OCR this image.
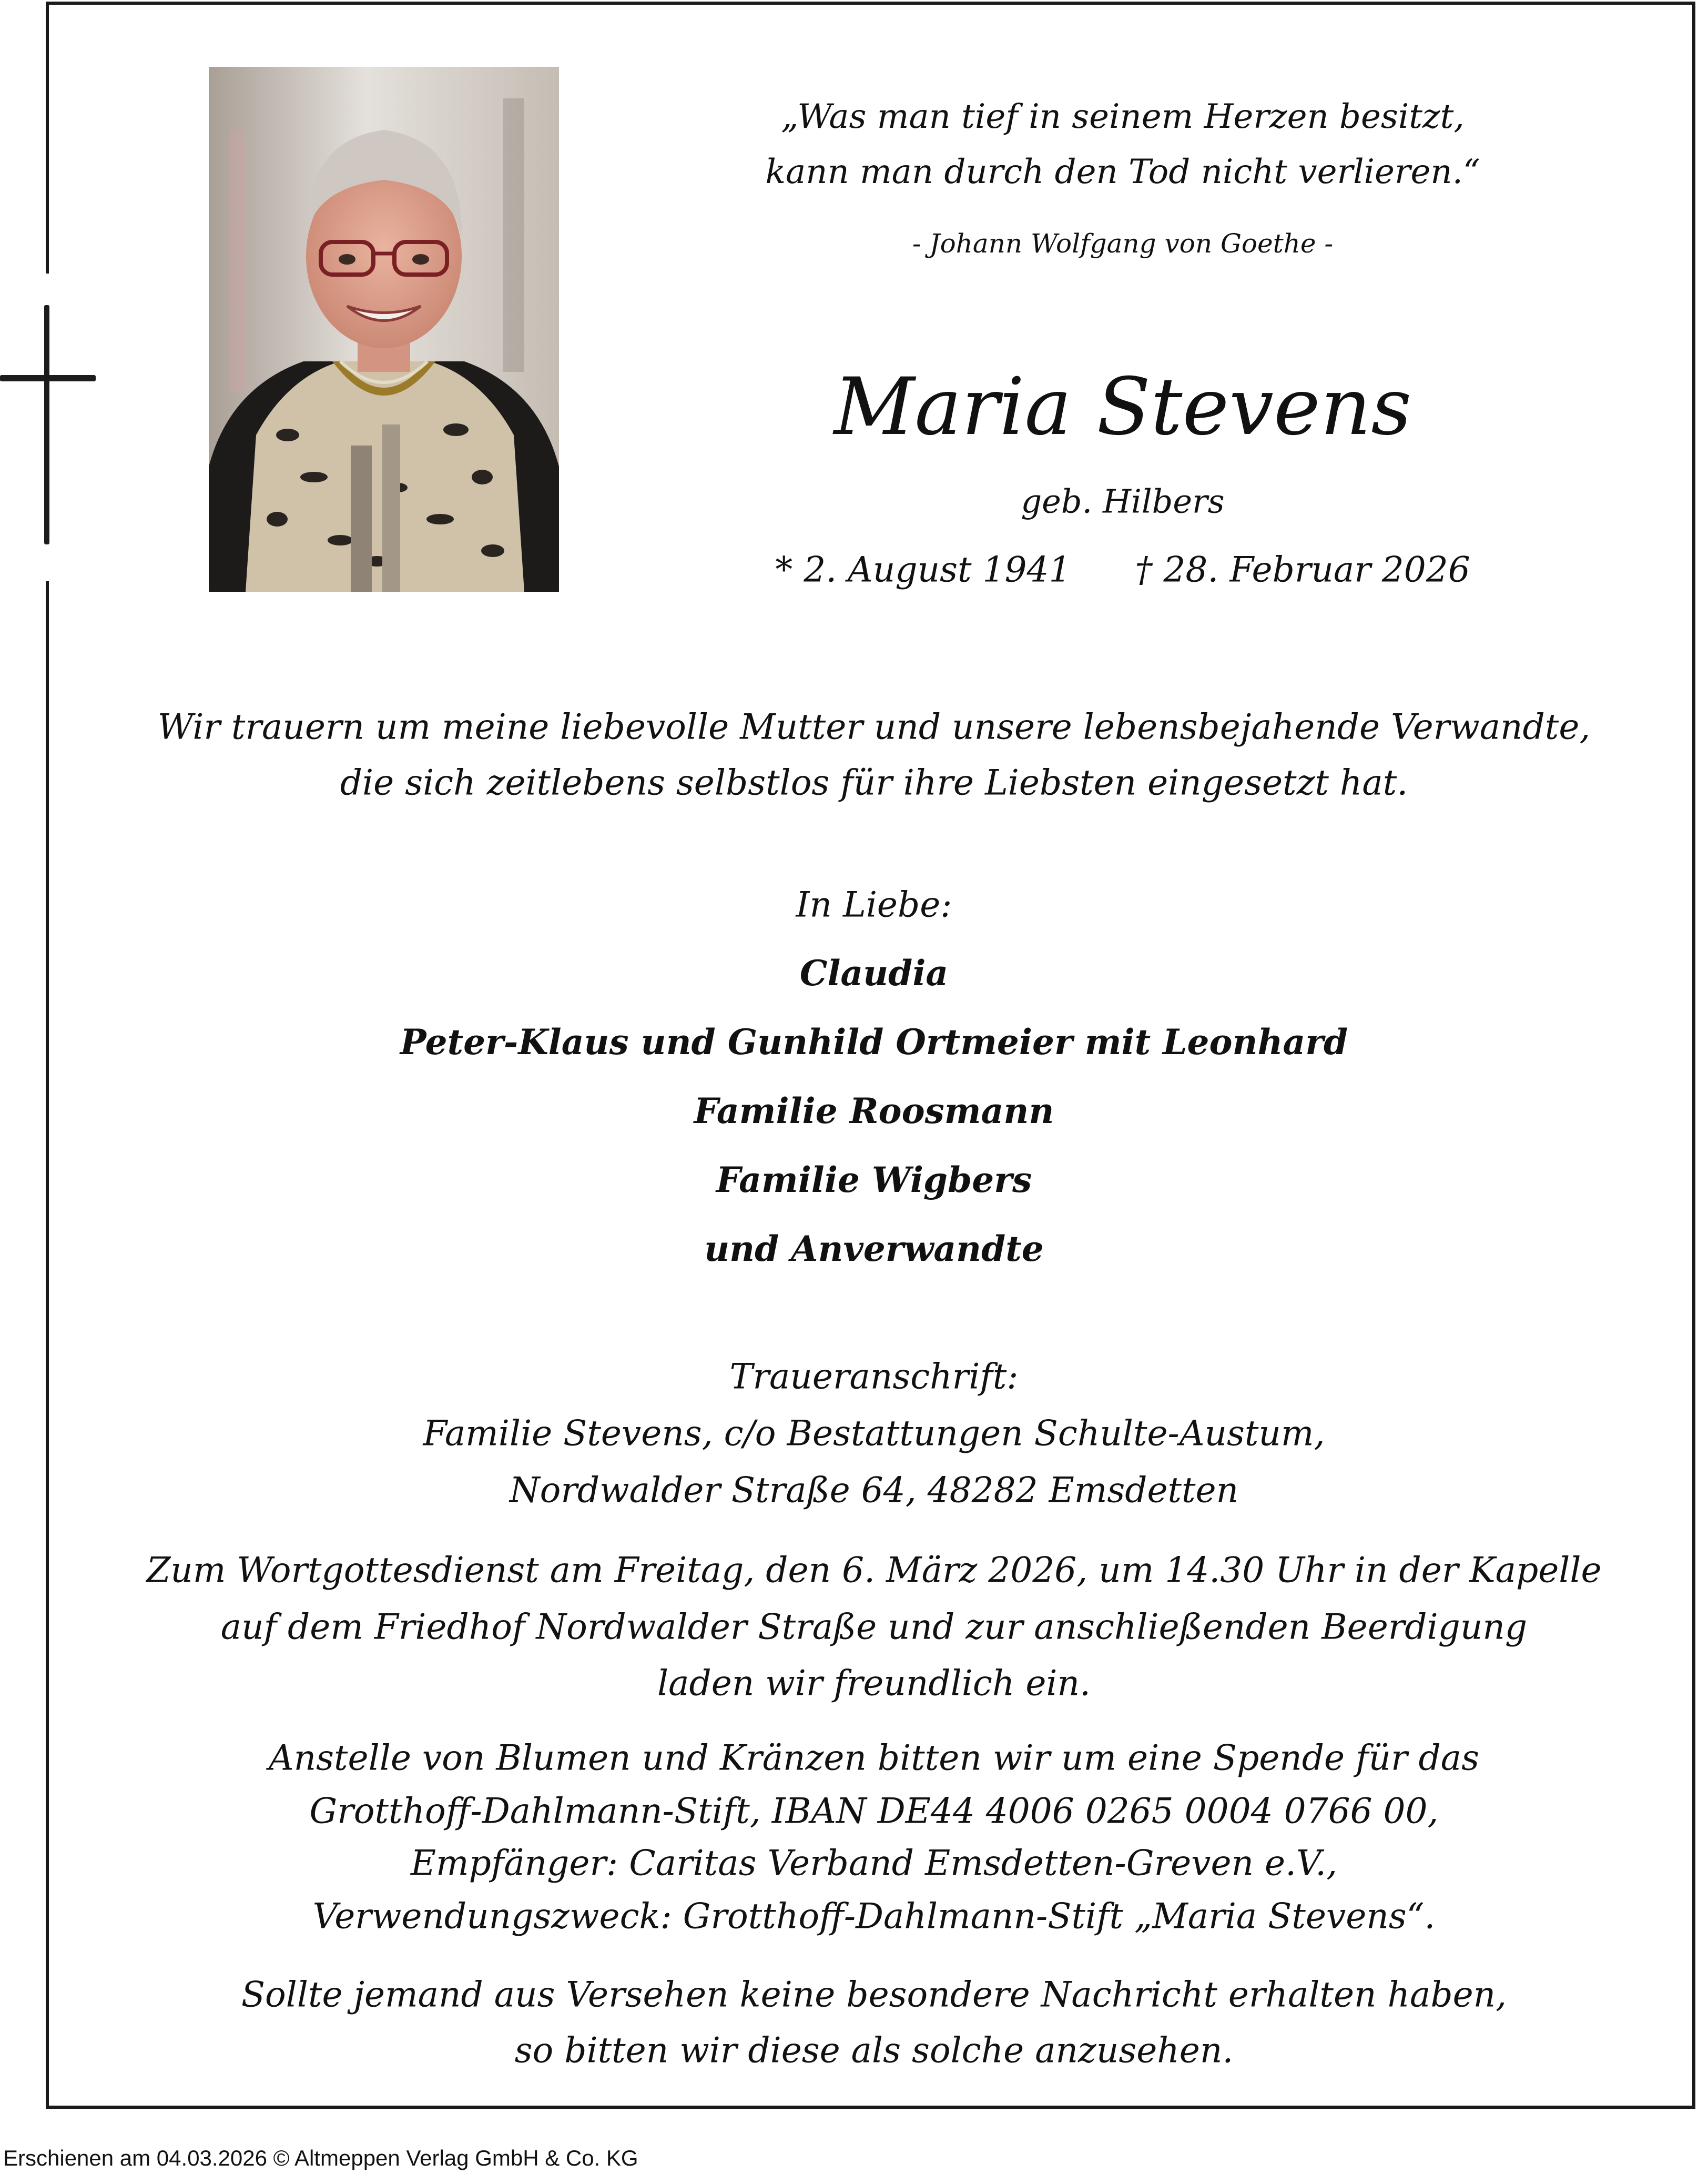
„Was man tief in seinem Herzen besitzt,
kann man durch den Tod nicht verlieren.“
- Johann Wolfgang von Goethe -
Maria Stevens
geb. Hilbers
* 2. August 1941 † 28. Februar 2026
Wir trauern um meine liebevolle Mutter und unsere lebensbejahende Verwandte,
die sich zeitlebens selbstlos für ihre Liebsten eingesetzt hat.
In Liebe:
Claudia
Peter-Klaus und Gunhild Ortmeier mit Leonhard
Familie Roosmann
Familie Wigbers
und Anverwandte
Traueranschrift:
Familie Stevens, c/o Bestattungen Schulte-Austum,
Nordwalder Straße 64, 48282 Emsdetten
Zum Wortgottesdienst am Freitag, den 6. März 2026, um 14.30 Uhr in der Kapelle
auf dem Friedhof Nordwalder Straße und zur anschließenden Beerdigung
laden wir freundlich ein.
Anstelle von Blumen und Kränzen bitten wir um eine Spende für das
Grotthoff-Dahlmann-Stift, IBAN DE44 4006 0265 0004 0766 00,
Empfänger: Caritas Verband Emsdetten-Greven e.V.,
Verwendungszweck: Grotthoff-Dahlmann-Stift „Maria Stevens“.
Sollte jemand aus Versehen keine besondere Nachricht erhalten haben,
so bitten wir diese als solche anzusehen.
Erschienen am 04.03.2026 © Altmeppen Verlag GmbH & Co. KG
